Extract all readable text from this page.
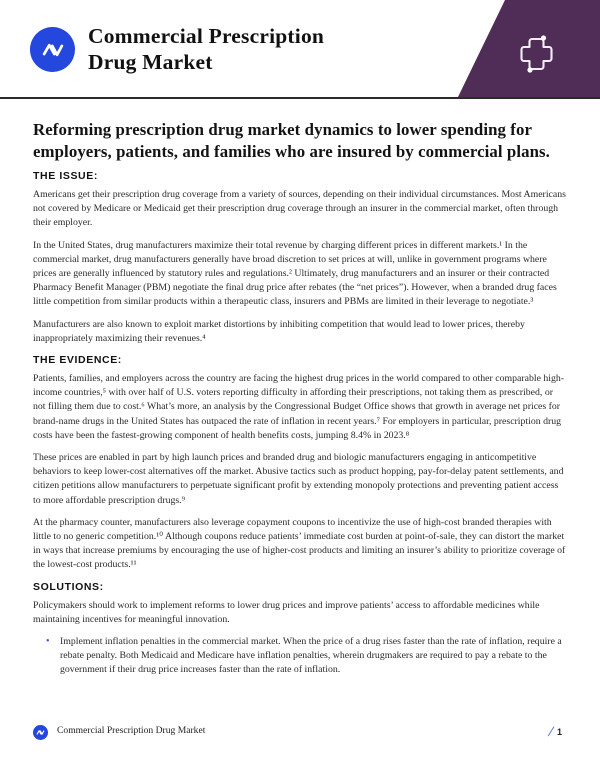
Commercial Prescription
Drug Market
Reforming prescription drug market dynamics to lower spending for employers, patients, and families who are insured by commercial plans.
THE ISSUE:

Americans get their prescription drug coverage from a variety of sources, depending on their individual circumstances. Most Americans not covered by Medicare or Medicaid get their prescription drug coverage through an insurer in the commercial market, often through their employer.

In the United States, drug manufacturers maximize their total revenue by charging different prices in different markets.¹ In the commercial market, drug manufacturers generally have broad discretion to set prices at will, unlike in government programs where prices are generally influenced by statutory rules and regulations.² Ultimately, drug manufacturers and an insurer or their contracted Pharmacy Benefit Manager (PBM) negotiate the final drug price after rebates (the “net prices”). However, when a branded drug faces little competition from similar products within a therapeutic class, insurers and PBMs are limited in their leverage to negotiate.³

Manufacturers are also known to exploit market distortions by inhibiting competition that would lead to lower prices, thereby inappropriately maximizing their revenues.⁴

THE EVIDENCE:

Patients, families, and employers across the country are facing the highest drug prices in the world compared to other comparable high-income countries,⁵ with over half of U.S. voters reporting difficulty in affording their prescriptions, not taking them as prescribed, or not filling them due to cost.⁶ What’s more, an analysis by the Congressional Budget Office shows that growth in average net prices for brand-name drugs in the United States has outpaced the rate of inflation in recent years.⁷ For employers in particular, prescription drug costs have been the fastest-growing component of health benefits costs, jumping 8.4% in 2023.⁸

These prices are enabled in part by high launch prices and branded drug and biologic manufacturers engaging in anticompetitive behaviors to keep lower-cost alternatives off the market. Abusive tactics such as product hopping, pay-for-delay patent settlements, and citizen petitions allow manufacturers to perpetuate significant profit by extending monopoly protections and preventing patient access to more affordable prescription drugs.⁹

At the pharmacy counter, manufacturers also leverage copayment coupons to incentivize the use of high-cost branded therapies with little to no generic competition.¹⁰ Although coupons reduce patients’ immediate cost burden at point-of-sale, they can distort the market in ways that increase premiums by encouraging the use of higher-cost products and limiting an insurer’s ability to prioritize coverage of the lowest-cost products.¹¹

SOLUTIONS:

Policymakers should work to implement reforms to lower drug prices and improve patients’ access to affordable medicines while maintaining incentives for meaningful innovation.

•	Implement inflation penalties in the commercial market. When the price of a drug rises faster than the rate of inflation, require a rebate penalty. Both Medicaid and Medicare have inflation penalties, wherein drugmakers are required to pay a rebate to the government if their drug price increases faster than the rate of inflation.
Commercial Prescription Drug Market	/ 1
